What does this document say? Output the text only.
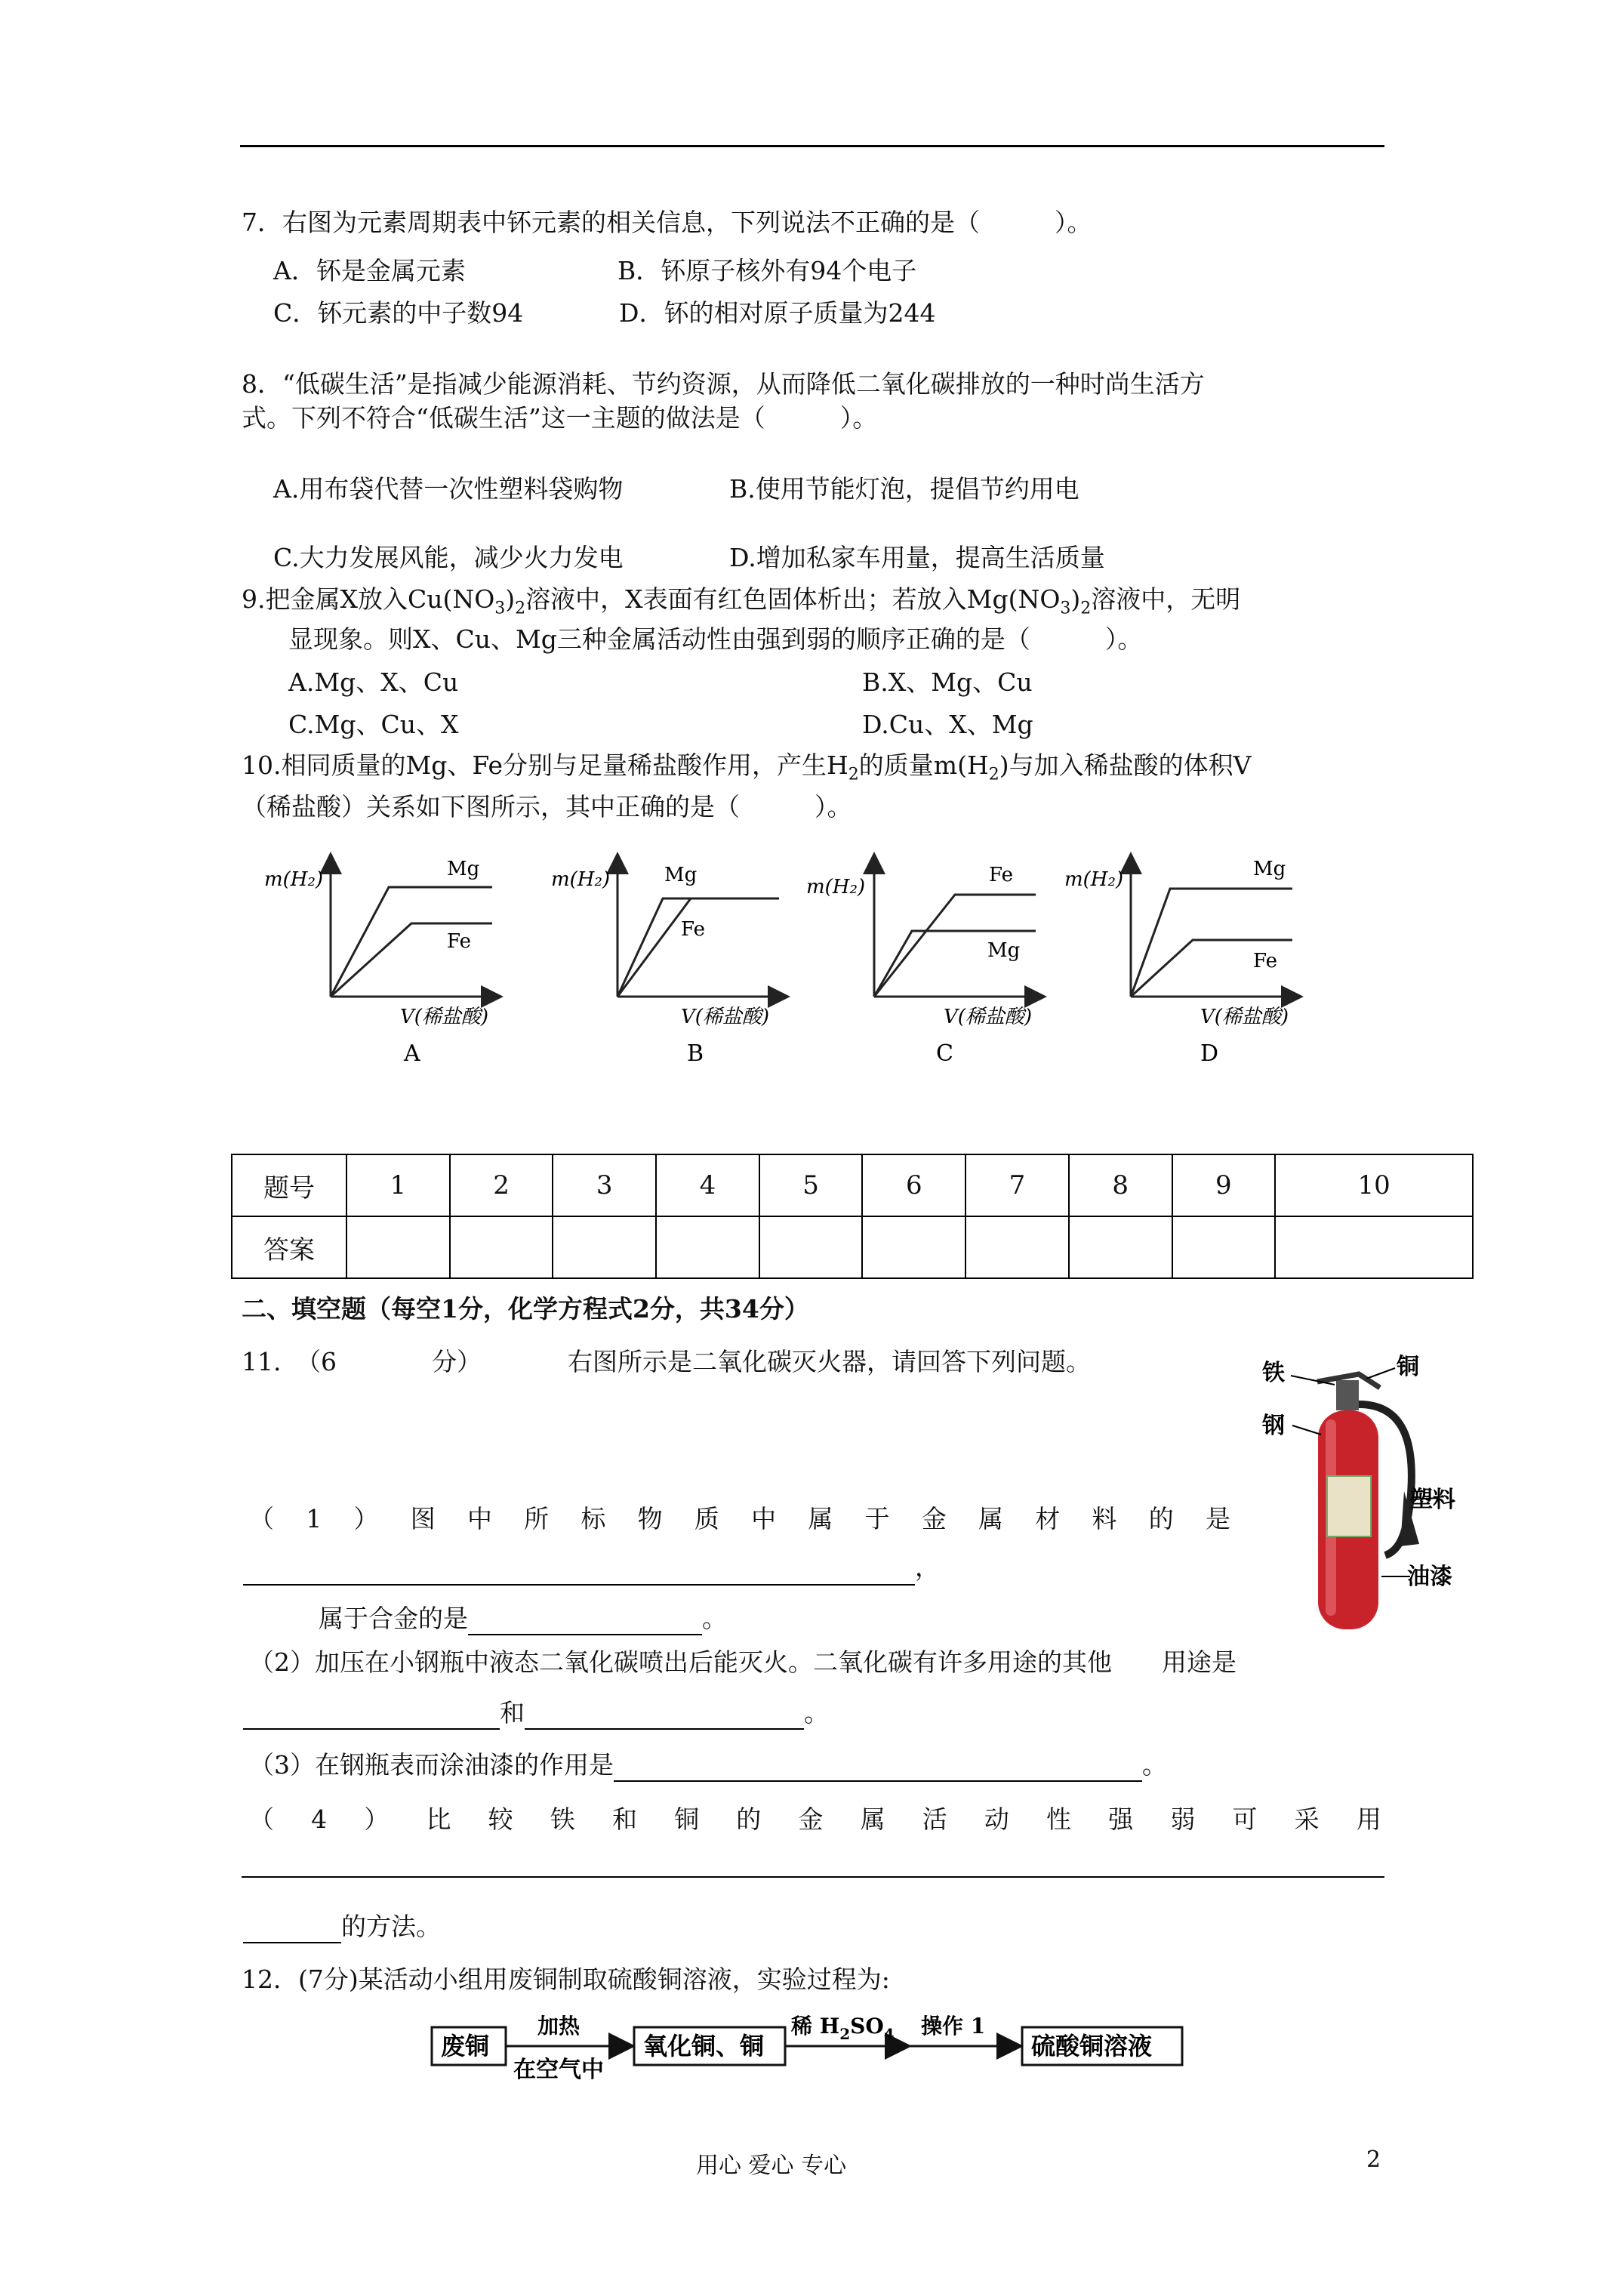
7．右图为元素周期表中钚元素的相关信息，下列说法不正确的是（　　　）。
A．钚是金属元素	B．钚原子核外有94个电子
C．钚元素的中子数94	D．钚的相对原子质量为244
8．“低碳生活”是指减少能源消耗、节约资源，从而降低二氧化碳排放的一种时尚生活方
式。下列不符合“低碳生活”这一主题的做法是（　　　）。
A.用布袋代替一次性塑料袋购物	B.使用节能灯泡，提倡节约用电
C.大力发展风能，减少火力发电	D.增加私家车用量，提高生活质量
9.把金属X放入$Cu(NO_3)_2$溶液中，X表面有红色固体析出；若放入$Mg(NO_3)_2$溶液中，无明
显现象。则X、Cu、Mg三种金属活动性由强到弱的顺序正确的是（　　　）。
A.Mg、X、Cu	B.X、Mg、Cu
C.Mg、Cu、X	D.Cu、X、Mg
10.相同质量的Mg、Fe分别与足量稀盐酸作用，产生$H_2$的质量$m(H_2)$与加入稀盐酸的体积V
（稀盐酸）关系如下图所示，其中正确的是（　　　）。
m(H₂)	Mg
Fe
V(稀盐酸)
A
m(H₂)	Mg
Fe
V(稀盐酸)
B
m(H₂)
Fe
Mg
V(稀盐酸)
C
m(H₂)	Mg
Fe
V(稀盐酸)
D
题号	1	2	3	4	5	6	7	8	9	10
答案										
二、填空题（每空1分，化学方程式2分，共34分）
11. （6	分）	右图所示是二氧化碳灭火器，请回答下列问题。
（ 1 ） 图 中 所 标 物 质 中 属 于 金 属 材 料 的 是
，
属于合金的是	。
（2）加压在小钢瓶中液态二氧化碳喷出后能灭火。二氧化碳有许多用途的其他　　用途是
和	。
（3）在钢瓶表而涂油漆的作用是	。
（ 4 ） 比 较 铁 和 铜 的 金 属 活 动 性 强 弱 可 采 用
的方法。
铁	铜
钢
塑料
油漆
12．(7分)某活动小组用废铜制取硫酸铜溶液，实验过程为:
废铜
加热
在空气中
氧化铜、铜
稀 $H_2SO_4$ 操作 1
硫酸铜溶液
用心 爱心 专心	2
